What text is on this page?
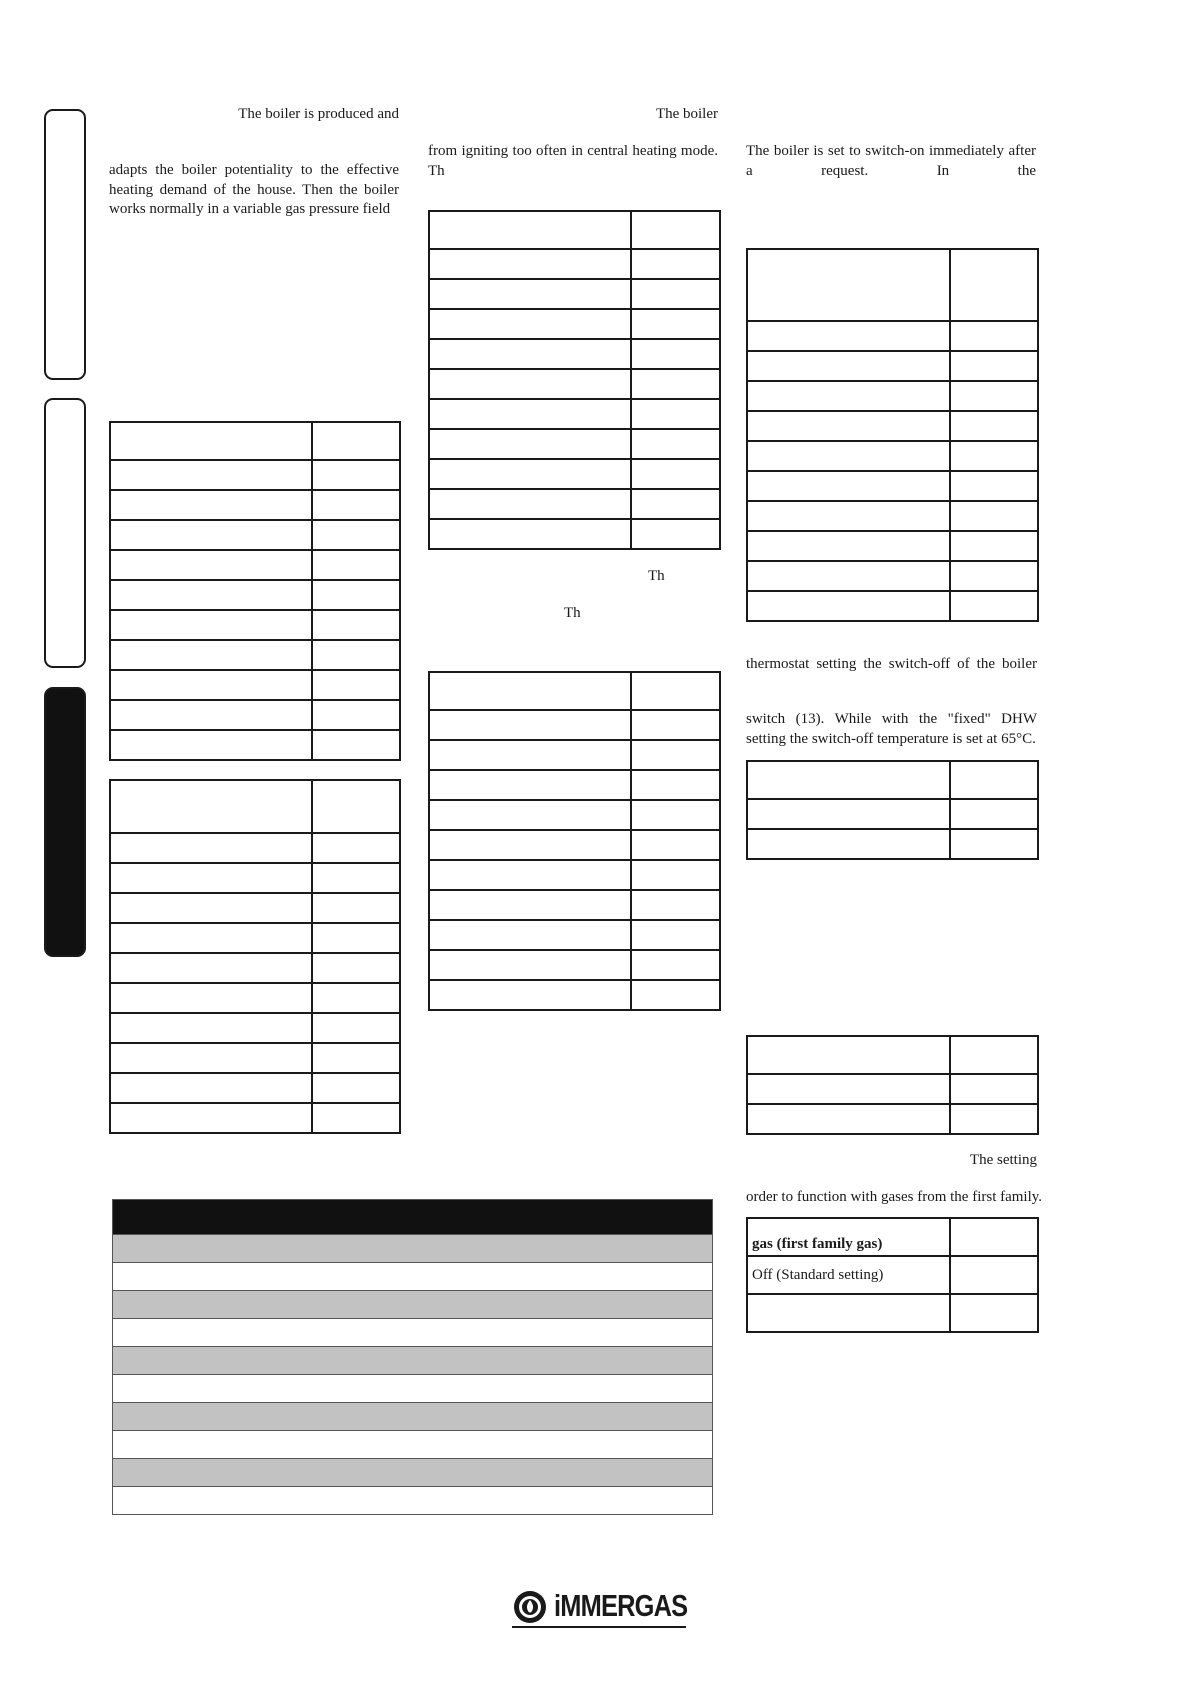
The boiler is produced and
adapts the boiler potentiality to the effective heating demand of the house. Then the boiler works normally in a variable gas pressure field

The boiler
from igniting too often in central heating mode. Th

Th
Th

The boiler is set to switch-on immediately after a request. In the

thermostat setting the switch-off of the boiler
switch (13). While with the "fixed" DHW setting the switch-off temperature is set at 65°C.

The setting
order to function with gases from the first family.
gas (first family gas)	
Off (Standard setting)	

iMMERGAS
